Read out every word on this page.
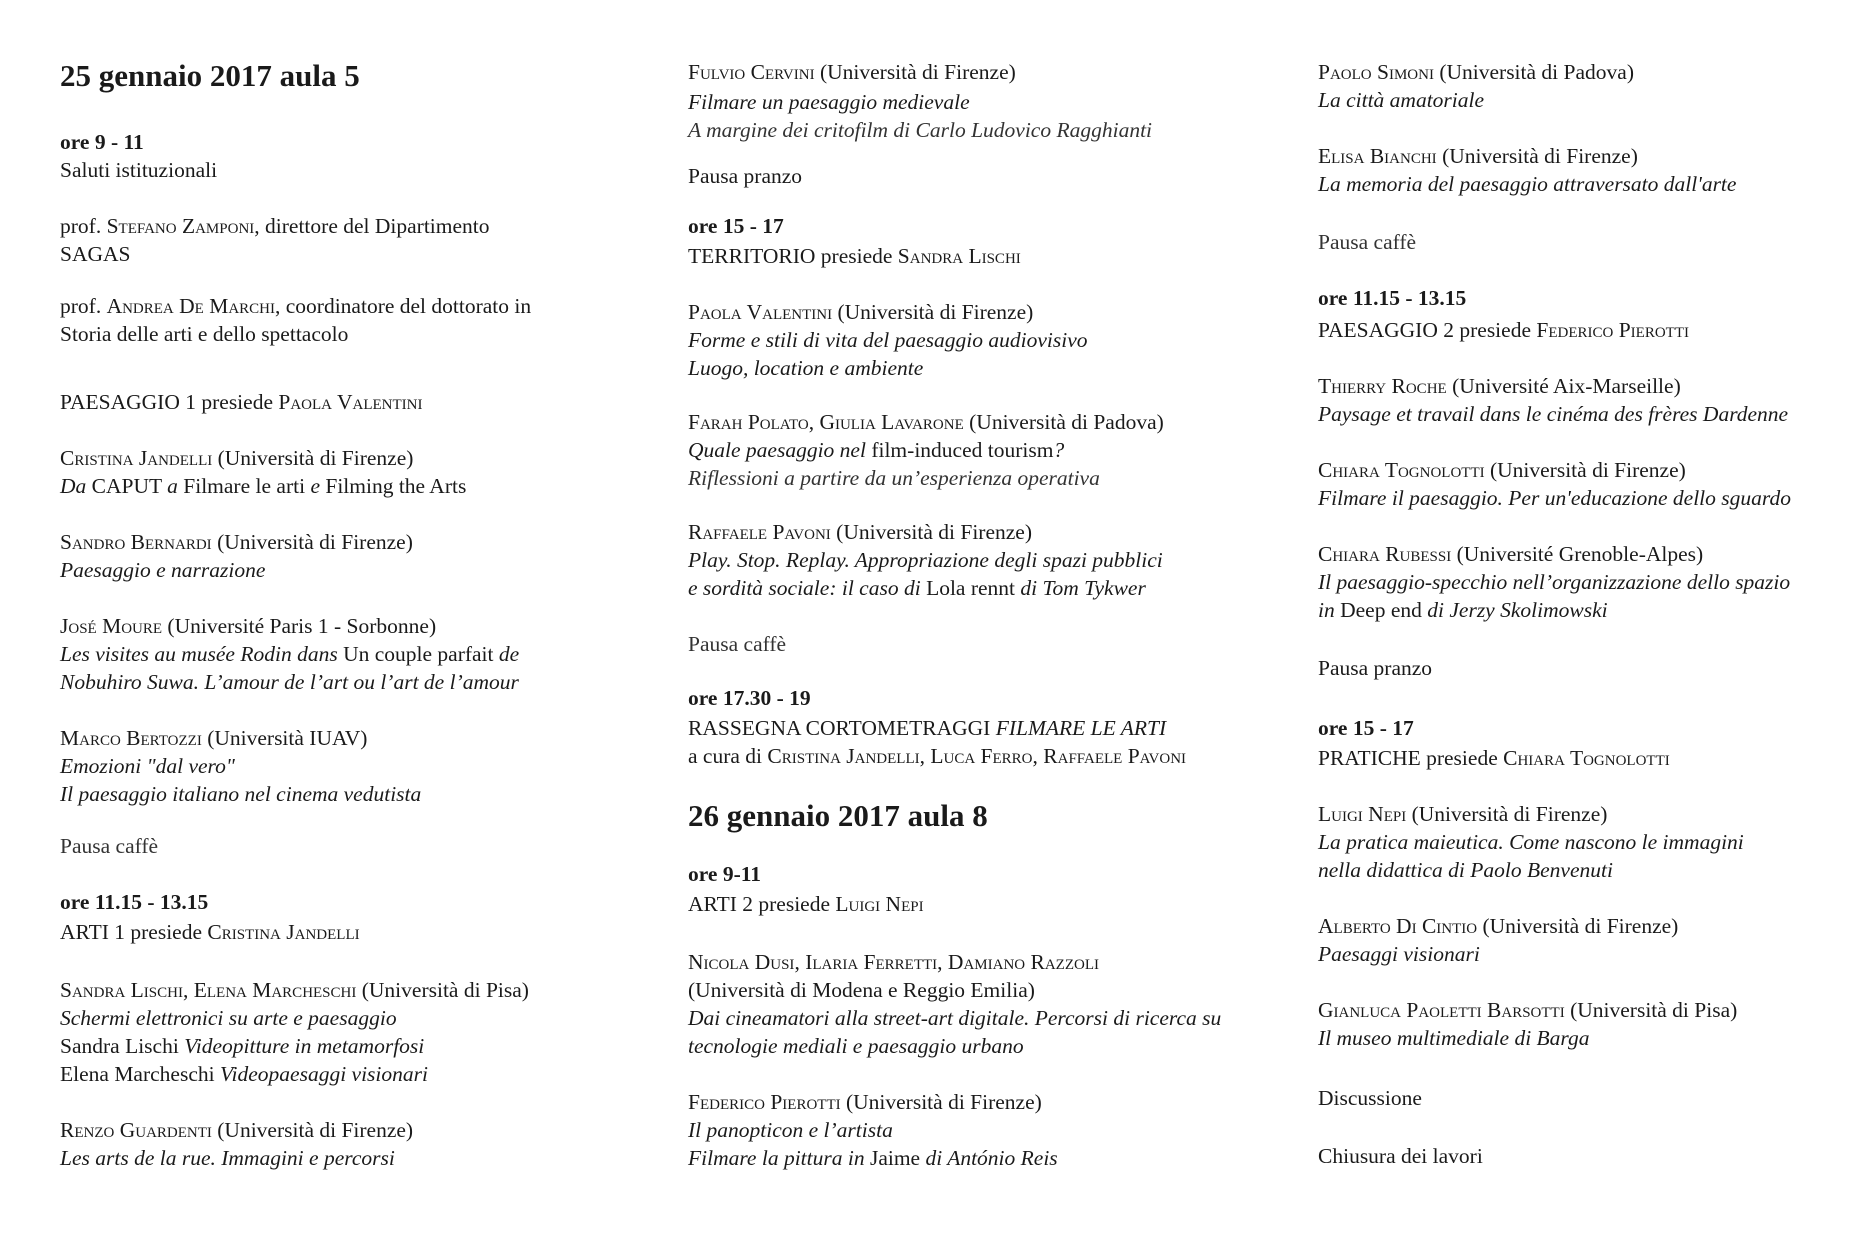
25 gennaio 2017 aula 5
ore 9 - 11
Saluti istituzionali
prof. Stefano Zamponi, direttore del Dipartimento
SAGAS
prof. Andrea De Marchi, coordinatore del dottorato in
Storia delle arti e dello spettacolo
PAESAGGIO 1 presiede Paola Valentini
Cristina Jandelli (Università di Firenze)
Da CAPUT a Filmare le arti e Filming the Arts
Sandro Bernardi (Università di Firenze)
Paesaggio e narrazione
José Moure (Université Paris 1 - Sorbonne)
Les visites au musée Rodin dans Un couple parfait de
Nobuhiro Suwa. L’amour de l’art ou l’art de l’amour
Marco Bertozzi (Università IUAV)
Emozioni "dal vero"
Il paesaggio italiano nel cinema vedutista
Pausa caffè
ore 11.15 - 13.15
ARTI 1 presiede Cristina Jandelli
Sandra Lischi, Elena Marcheschi (Università di Pisa)
Schermi elettronici su arte e paesaggio
Sandra Lischi Videopitture in metamorfosi
Elena Marcheschi Videopaesaggi visionari
Renzo Guardenti (Università di Firenze)
Les arts de la rue. Immagini e percorsi
Fulvio Cervini (Università di Firenze)
Filmare un paesaggio medievale
A margine dei critofilm di Carlo Ludovico Ragghianti
Pausa pranzo
ore 15 - 17
TERRITORIO presiede Sandra Lischi
Paola Valentini (Università di Firenze)
Forme e stili di vita del paesaggio audiovisivo
Luogo, location e ambiente
Farah Polato, Giulia Lavarone (Università di Padova)
Quale paesaggio nel film-induced tourism?
Riflessioni a partire da un’esperienza operativa
Raffaele Pavoni (Università di Firenze)
Play. Stop. Replay. Appropriazione degli spazi pubblici
e sordità sociale: il caso di Lola rennt di Tom Tykwer
Pausa caffè
ore 17.30 - 19
RASSEGNA CORTOMETRAGGI FILMARE LE ARTI
a cura di Cristina Jandelli, Luca Ferro, Raffaele Pavoni
26 gennaio 2017 aula 8
ore 9-11
ARTI 2 presiede Luigi Nepi
Nicola Dusi, Ilaria Ferretti, Damiano Razzoli
(Università di Modena e Reggio Emilia)
Dai cineamatori alla street-art digitale. Percorsi di ricerca su
tecnologie mediali e paesaggio urbano
Federico Pierotti (Università di Firenze)
Il panopticon e l’artista
Filmare la pittura in Jaime di António Reis
Paolo Simoni (Università di Padova)
La città amatoriale
Elisa Bianchi (Università di Firenze)
La memoria del paesaggio attraversato dall'arte
Pausa caffè
ore 11.15 - 13.15
PAESAGGIO 2 presiede Federico Pierotti
Thierry Roche (Université Aix-Marseille)
Paysage et travail dans le cinéma des frères Dardenne
Chiara Tognolotti (Università di Firenze)
Filmare il paesaggio. Per un'educazione dello sguardo
Chiara Rubessi (Université Grenoble-Alpes)
Il paesaggio-specchio nell’organizzazione dello spazio
in Deep end di Jerzy Skolimowski
Pausa pranzo
ore 15 - 17
PRATICHE presiede Chiara Tognolotti
Luigi Nepi (Università di Firenze)
La pratica maieutica. Come nascono le immagini
nella didattica di Paolo Benvenuti
Alberto Di Cintio (Università di Firenze)
Paesaggi visionari
Gianluca Paoletti Barsotti (Università di Pisa)
Il museo multimediale di Barga
Discussione
Chiusura dei lavori
